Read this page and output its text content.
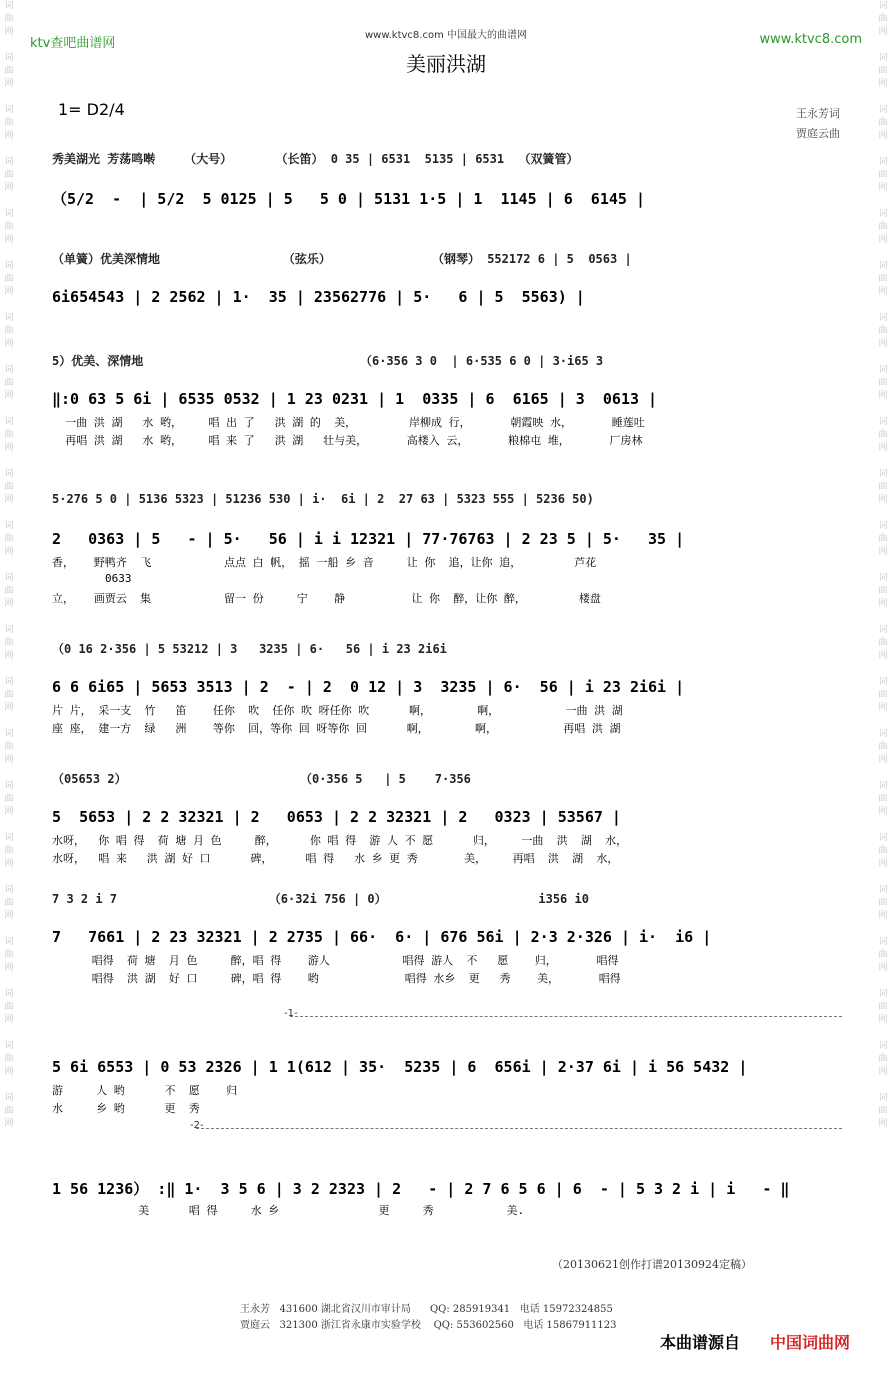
词
曲
网

词
曲
网

词
曲
网

词
曲
网

词
曲
网

词
曲
网

词
曲
网

词
曲
网

词
曲
网

词
曲
网

词
曲
网

词
曲
网

词
曲
网

词
曲
网

词
曲
网

词
曲
网

词
曲
网

词
曲
网

词
曲
网

词
曲
网

词
曲
网

词
曲
网

词
曲
网

词
曲
网

词
曲
网

词
曲
网

词
曲
网

词
曲
网

词
曲
网

词
曲
网

词
曲
网

词
曲
网

词
曲
网

词
曲
网

词
曲
网

词
曲
网

词
曲
网

词
曲
网

词
曲
网

词
曲
网

词
曲
网

词
曲
网

词
曲
网

词
曲
网

ktv查吧曲谱网	www.ktvc8.com
www.ktvc8.com 中国最大的曲谱网
美丽洪湖
1= D2/4	王永芳词
贾庭云曲
秀美湖光 芳荡鸣啭    （大号）      （长笛） 0 35 | 6531  5135 | 6531  （双簧管）
（5/2  -  | 5/2  5 0125 | 5   5 0 | 5131 1·5 | 1  1145 | 6  6145 |
（单簧）优美深情地                 （弦乐）              （钢琴） 552172 6 | 5  0563 |
6i654543 | 2 2562 | 1·  35 | 23562776 | 5·   6 | 5  5563) |
5）优美、深情地                              （6·356 3 0  | 6·535 6 0 | 3·i65 3
‖:0 63 5 6i | 6535 0532 | 1 23 0231 | 1  0335 | 6  6165 | 3  0613 |
一曲 洪 湖   水 哟，    唱 出 了   洪 湖 的  美，        岸柳成 行，      朝霞映 水，      睡莲吐
再唱 洪 湖   水 哟，    唱 来 了   洪 湖   壮与美，      高楼入 云，      粮棉屯 堆，      厂房林
5·276 5 0 | 5136 5323 | 51236 530 | i·  6i | 2  27 63 | 5323 555 | 5236 50)
2   0363 | 5   - | 5·   56 | i i 12321 | 77·76763 | 2 23 5 | 5·   35 |
香，   野鸭齐  飞           点点 白 帆， 摇 一船 乡 音     让 你  追，让你 追，        芦花
0633
立，   画贾云  集           留一 份     宁    静          让 你  醉，让你 醉，        楼盘
（0 16 2·356 | 5 53212 | 3   3235 | 6·   56 | i 23 2i6i
6 6 6i65 | 5653 3513 | 2  - | 2  0 12 | 3  3235 | 6·  56 | i 23 2i6i |
片 片， 采一支  竹   笛    任你  吹  任你 吹 呀任你 吹      啊，       啊，          一曲 洪 湖
座 座， 建一方  绿   洲    等你  回，等你 回 呀等你 回      啊，       啊，          再唱 洪 湖
（05653 2）                        （0·356 5   | 5    7·356
5  5653 | 2 2 32321 | 2   0653 | 2 2 32321 | 2   0323 | 53567 |
水呀，  你 唱 得  荷 塘 月 色     醉，     你 唱 得  游 人 不 愿      归，    一曲  洪  湖  水，
水呀，  唱 来   洪 湖 好 口      碑，     唱 得   水 乡 更 秀       美，    再唱  洪  湖  水，
7 3 2 i 7                     （6·32i 756 | 0）                     i356 i0
7   7661 | 2 23 32321 | 2 2735 | 66·  6· | 676 56i | 2·3 2·326 | i·  i6 |
唱得  荷 塘  月 色     醉，唱 得    游人           唱得 游人  不   愿    归，      唱得
唱得  洪 湖  好 口     碑，唱 得    哟             唱得 水乡  更   秀    美，      唱得
5 6i 6553 | 0 53 2326 | 1 1(612 | 35·  5235 | 6  656i | 2·37 6i | i 56 5432 |
游     人 哟      不  愿    归
水     乡 哟      更  秀
1 56 1236） :‖ 1·  3 5 6 | 3 2 2323 | 2   - | 2 7 6 5 6 | 6  - | 5 3 2 i | i   - ‖
美      唱 得     水 乡               更     秀           美.
-1-
-2-
（20130621创作打谱20130924定稿）
王永芳   431600 湖北省汉川市审计局      QQ: 285919341   电话 15972324855
贾庭云   321300 浙江省永康市实验学校    QQ: 553602560   电话 15867911123
本曲谱源自 中国词曲网
